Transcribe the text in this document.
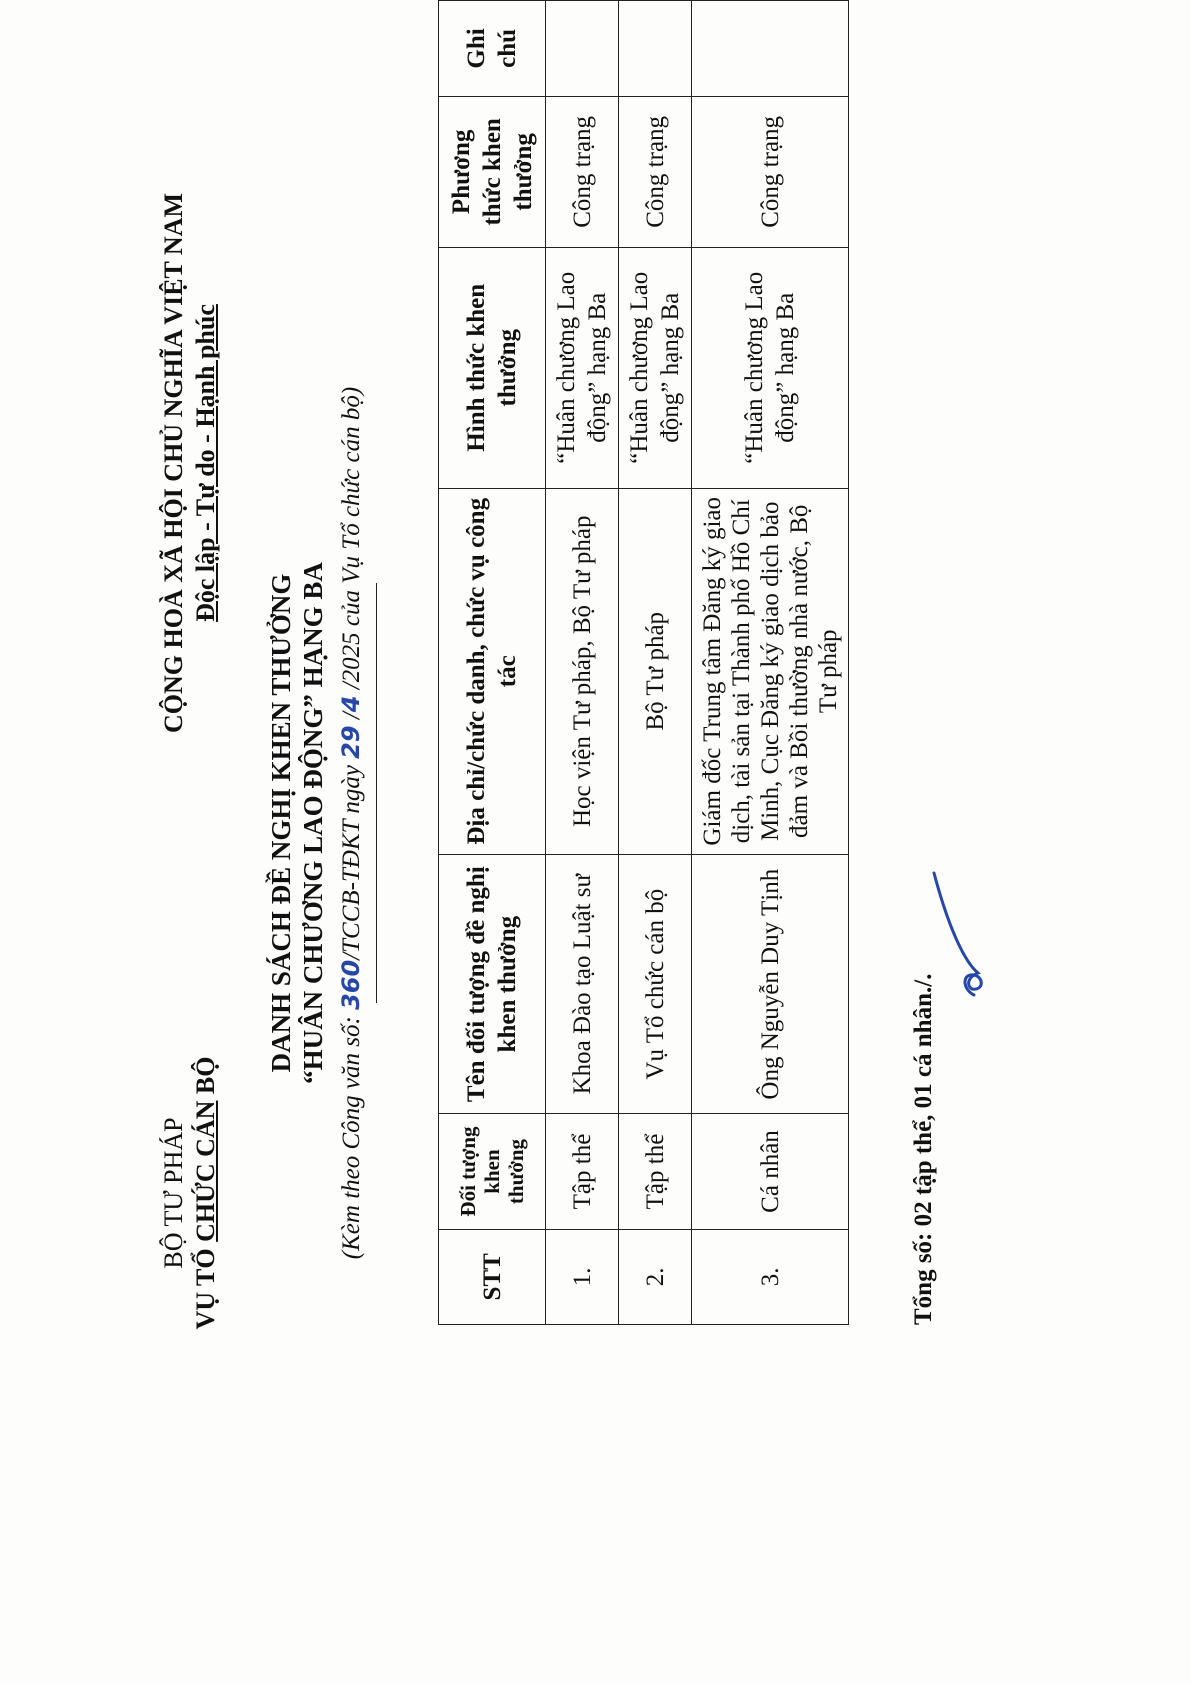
BỘ TƯ PHÁP
VỤ TỔ CHỨC CÁN BỘ
CỘNG HOÀ XÃ HỘI CHỦ NGHĨA VIỆT NAM Độc lập - Tự do - Hạnh phúc
DANH SÁCH ĐỀ NGHỊ KHEN THƯỞNG “HUÂN CHƯƠNG LAO ĐỘNG” HẠNG BA
(Kèm theo Công văn số: 360/TCCB-TĐKT ngày 29 /4 /2025 của Vụ Tổ chức cán bộ)
STT	Đối tượng khen thưởng	Tên đối tượng đề nghị khen thưởng	Địa chỉ/chức danh, chức vụ công tác	Hình thức khen thưởng	Phương thức khen thưởng	Ghi chú
1.	Tập thể	Khoa Đào tạo Luật sư	Học viện Tư pháp, Bộ Tư pháp	“Huân chương Lao động” hạng Ba	Công trạng	
2.	Tập thể	Vụ Tổ chức cán bộ	Bộ Tư pháp	“Huân chương Lao động” hạng Ba	Công trạng	
3.	Cá nhân	Ông Nguyễn Duy Tịnh	Giám đốc Trung tâm Đăng ký giao dịch, tài sản tại Thành phố Hồ Chí Minh, Cục Đăng ký giao dịch bảo đảm và Bồi thường nhà nước, Bộ Tư pháp	“Huân chương Lao động” hạng Ba	Công trạng	
Tổng số: 02 tập thể, 01 cá nhân./.
